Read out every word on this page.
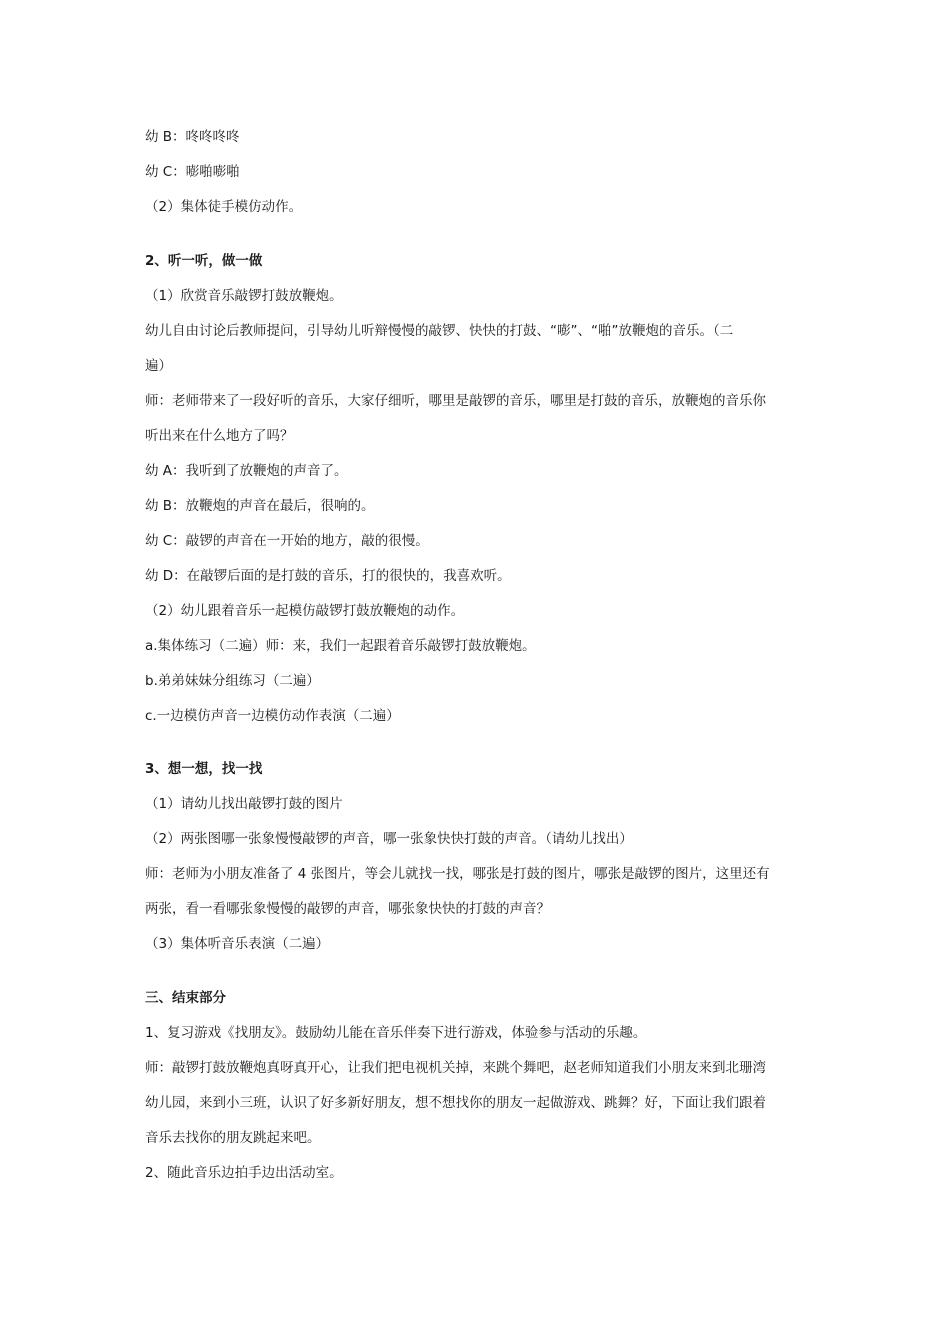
幼 B：咚咚咚咚
幼 C：嘭啪嘭啪
（2）集体徒手模仿动作。
2、听一听，做一做
（1）欣赏音乐敲锣打鼓放鞭炮。
幼儿自由讨论后教师提问，引导幼儿听辩慢慢的敲锣、快快的打鼓、“嘭”、“啪”放鞭炮的音乐。（二
遍）
师：老师带来了一段好听的音乐，大家仔细听，哪里是敲锣的音乐，哪里是打鼓的音乐，放鞭炮的音乐你
听出来在什么地方了吗？
幼 A：我听到了放鞭炮的声音了。
幼 B：放鞭炮的声音在最后，很响的。
幼 C：敲锣的声音在一开始的地方，敲的很慢。
幼 D：在敲锣后面的是打鼓的音乐，打的很快的，我喜欢听。
（2）幼儿跟着音乐一起模仿敲锣打鼓放鞭炮的动作。
a.集体练习（二遍）师：来，我们一起跟着音乐敲锣打鼓放鞭炮。
b.弟弟妹妹分组练习（二遍）
c.一边模仿声音一边模仿动作表演（二遍）
3、想一想，找一找
（1）请幼儿找出敲锣打鼓的图片
（2）两张图哪一张象慢慢敲锣的声音，哪一张象快快打鼓的声音。（请幼儿找出）
师：老师为小朋友准备了 4 张图片，等会儿就找一找，哪张是打鼓的图片，哪张是敲锣的图片，这里还有
两张，看一看哪张象慢慢的敲锣的声音，哪张象快快的打鼓的声音？
（3）集体听音乐表演（二遍）
三、结束部分
1、复习游戏《找朋友》。鼓励幼儿能在音乐伴奏下进行游戏，体验参与活动的乐趣。
师：敲锣打鼓放鞭炮真呀真开心，让我们把电视机关掉，来跳个舞吧，赵老师知道我们小朋友来到北珊湾
幼儿园，来到小三班，认识了好多新好朋友，想不想找你的朋友一起做游戏、跳舞？好，下面让我们跟着
音乐去找你的朋友跳起来吧。
2、随此音乐边拍手边出活动室。
